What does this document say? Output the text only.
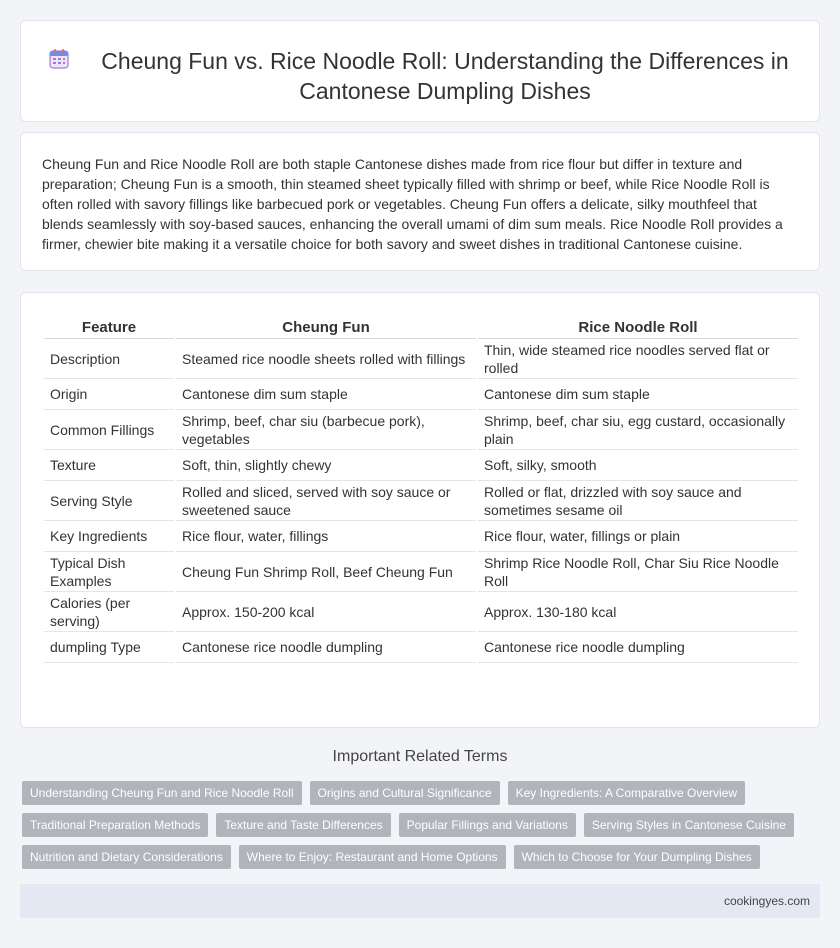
Cheung Fun vs. Rice Noodle Roll: Understanding the Differences in Cantonese Dumpling Dishes

Cheung Fun and Rice Noodle Roll are both staple Cantonese dishes made from rice flour but differ in texture and preparation; Cheung Fun is a smooth, thin steamed sheet typically filled with shrimp or beef, while Rice Noodle Roll is often rolled with savory fillings like barbecued pork or vegetables. Cheung Fun offers a delicate, silky mouthfeel that blends seamlessly with soy-based sauces, enhancing the overall umami of dim sum meals. Rice Noodle Roll provides a firmer, chewier bite making it a versatile choice for both savory and sweet dishes in traditional Cantonese cuisine.

Feature	Cheung Fun	Rice Noodle Roll
Description	Steamed rice noodle sheets rolled with fillings	Thin, wide steamed rice noodles served flat or rolled
Origin	Cantonese dim sum staple	Cantonese dim sum staple
Common Fillings	Shrimp, beef, char siu (barbecue pork), vegetables	Shrimp, beef, char siu, egg custard, occasionally plain
Texture	Soft, thin, slightly chewy	Soft, silky, smooth
Serving Style	Rolled and sliced, served with soy sauce or sweetened sauce	Rolled or flat, drizzled with soy sauce and sometimes sesame oil
Key Ingredients	Rice flour, water, fillings	Rice flour, water, fillings or plain
Typical Dish Examples	Cheung Fun Shrimp Roll, Beef Cheung Fun	Shrimp Rice Noodle Roll, Char Siu Rice Noodle Roll
Calories (per serving)	Approx. 150-200 kcal	Approx. 130-180 kcal
dumpling Type	Cantonese rice noodle dumpling	Cantonese rice noodle dumpling
Important Related Terms
Understanding Cheung Fun and Rice Noodle Roll	Origins and Cultural Significance	Key Ingredients: A Comparative Overview
Traditional Preparation Methods	Texture and Taste Differences	Popular Fillings and Variations	Serving Styles in Cantonese Cuisine
Nutrition and Dietary Considerations	Where to Enjoy: Restaurant and Home Options	Which to Choose for Your Dumpling Dishes
cookingyes.com
